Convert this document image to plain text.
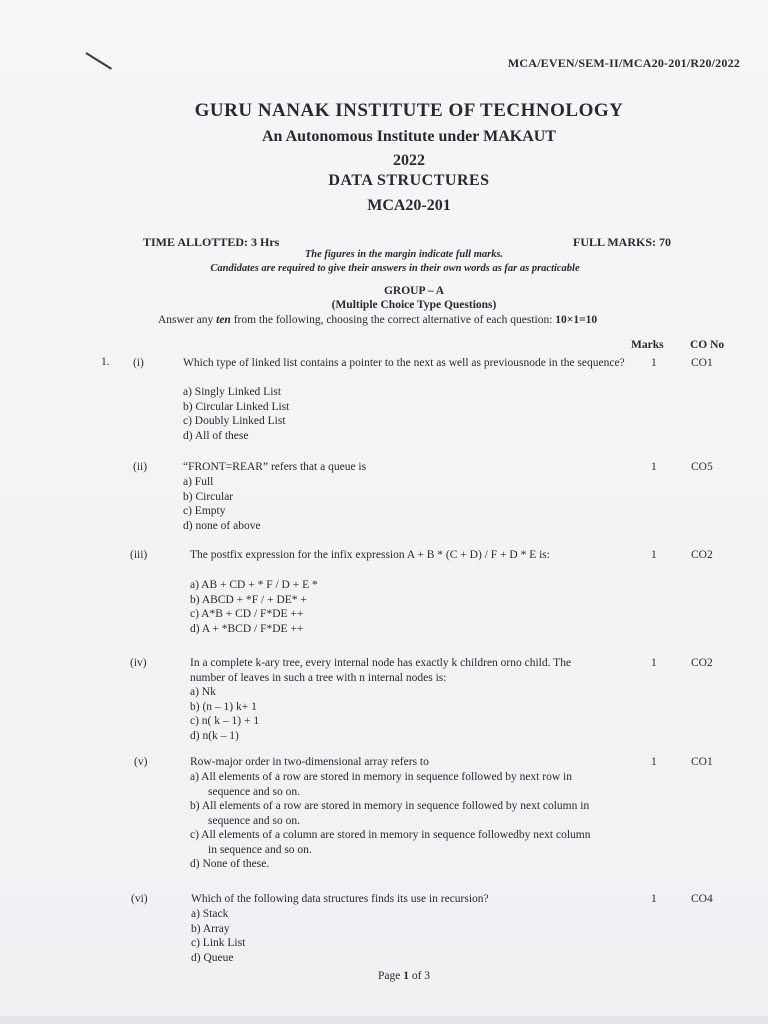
MCA/EVEN/SEM-II/MCA20-201/R20/2022
GURU NANAK INSTITUTE OF TECHNOLOGY
An Autonomous Institute under MAKAUT
2022
DATA STRUCTURES
MCA20-201
TIME ALLOTTED: 3 Hrs	FULL MARKS: 70
The figures in the margin indicate full marks.
Candidates are required to give their answers in their own words as far as practicable
GROUP – A
(Multiple Choice Type Questions)
Answer any ten from the following, choosing the correct alternative of each question: 10×1=10
Marks CO No
1. (i)	Which type of linked list contains a pointer to the next as well as previousnode in the sequence?
a) Singly Linked List
b) Circular Linked List
c) Doubly Linked List
d) All of these
1	CO1
(ii)	“FRONT=REAR” refers that a queue is
a) Full
b) Circular
c) Empty
d) none of above
1	CO5
(iii)	The postfix expression for the infix expression A + B * (C + D) / F + D * E is:
a) AB + CD + * F / D + E *
b) ABCD + *F / + DE* +
c) A*B + CD / F*DE ++
d) A + *BCD / F*DE ++
1	CO2
(iv)	In a complete k-ary tree, every internal node has exactly k children orno child. The number of leaves in such a tree with n internal nodes is:
a) Nk
b) (n – 1) k+ 1
c) n( k – 1) + 1
d) n(k – 1)
1	CO2
(v)	Row-major order in two-dimensional array refers to
a) All elements of a row are stored in memory in sequence followed by next row in sequence and so on.
b) All elements of a row are stored in memory in sequence followed by next column in sequence and so on.
c) All elements of a column are stored in memory in sequence followedby next column in sequence and so on.
d) None of these.
1	CO1
(vi)	Which of the following data structures finds its use in recursion?
a) Stack
b) Array
c) Link List
d) Queue
1	CO4
Page 1 of 3
